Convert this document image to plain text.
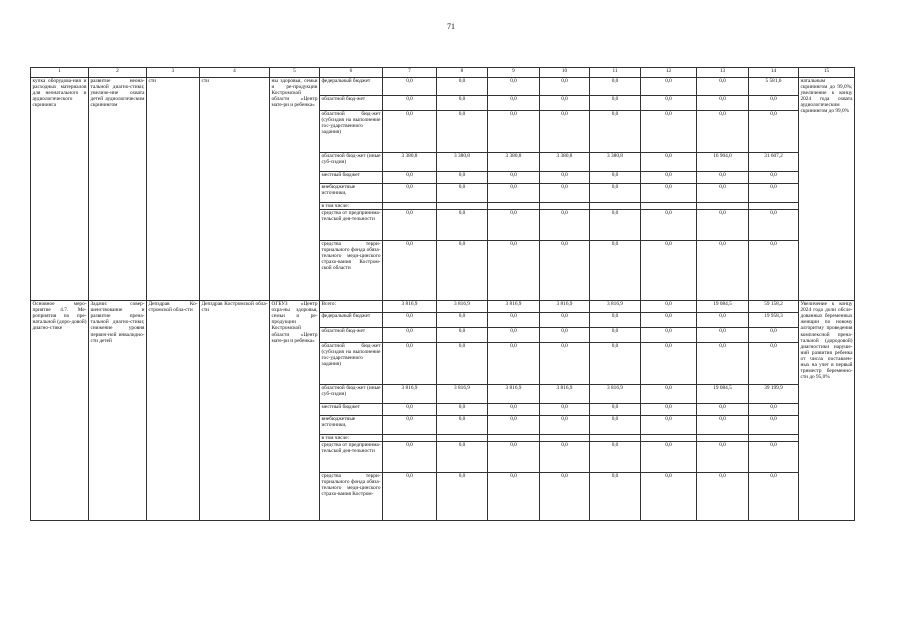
71
1	2	3	4	5	6	7	8	9	10	11	12	13	14	15
купка оборудова-ния и расходных материалов для неонатального и аудиологического скрининга	развитие неона-тальной диагно-стики; увеличе-ние охвата детей аудиологическим скринингом	сти	сти	ны здоровья, семьи и ре-продукции Костромской области «Центр мате-ри и ребенка»	федеральный бюджет	0,0	0,0	0,0	0,0	0,0	0,0	0,0	5 581,6	натальным скринингом до 99,0%; увеличение к концу 2024 года охвата аудиологическим скринингом до 99,0%
					областной бюд-жет	0,0	0,0	0,0	0,0	0,0	0,0	0,0	0,0	
					областной бюд-жет (субсидия на выполнение гос-ударственного задания)	0,0	0,0	0,0	0,0	0,0	0,0	0,0	0,0	
					областной бюд-жет (иные суб-сидии)	3 380,8	3 380,8	3 380,8	3 380,8	3 380,8	0,0	16 904,0	31 607,2	
					местный бюджет	0,0	0,0	0,0	0,0	0,0	0,0	0,0	0,0	
					внебюджетные источники,	0,0	0,0	0,0	0,0	0,0	0,0	0,0	0,0	
					в том числе:									
					средства от предприннма-тельской дея-тельности	0,0	0,0	0,0	0,0	0,0	0,0	0,0	0,0	
					средства терри-ториального фонда обяза-тельного меди-цинского страхо-вания Костром-ской области	0,0	0,0	0,0	0,0	0,0	0,0	0,0	0,0	
Основное меро-приятие 4.7. Ме-роприятия по пре-натальной (доро-довой) диагно-стике	Задачи: совер-шенствование и развитие прена-тальной диагно-стики; снижение уровня первич-ной инвалидно-сти детей	Депздрав Ко-стромской обла-сти	Депздрав Костромской обла-сти	ОГБУЗ «Центр охра-ны здоровья, семьи и ре-продукции Костромской области «Центр мате-ри и ребенка»	Всего:	3 816,9	3 816,9	3 816,9	3 816,9	3 816,9	0,0	19 084,5	59 158,2	Увеличение к концу 2024 года доли обсле-дованных беременных женщин по новому алгоритму проведения комплексной прена-тальной (дородовой) диагностики наруше-ний развития ребенка от числа поставлен-ных на учет в первый триместр беременно-сти до 95,0%
					федеральный бюджет	0,0	0,0	0,0	0,0	0,0	0,0	0,0	19 958,3	
					областной бюд-жет	0,0	0,0	0,0	0,0	0,0	0,0	0,0	0,0	
					областной бюд-жет (субсидия на выполнение гос-ударственного задания)	0,0	0,0	0,0	0,0	0,0	0,0	0,0	0,0	
					областной бюд-жет (иные суб-сидии)	3 816,9	3 816,9	3 816,9	3 816,9	3 816,9	0,0	19 084,5	39 199,9	
					местный бюджет	0,0	0,0	0,0	0,0	0,0	0,0	0,0	0,0	
					внебюджетные источники,	0,0	0,0	0,0	0,0	0,0	0,0	0,0	0,0	
					в том числе:									
					средства от предприннма-тельской дея-тельности	0,0	0,0	0,0	0,0	0,0	0,0	0,0	0,0	
					средства терри-ториального фонда обяза-тельного меди-цинского страхо-вания Костром-	0,0	0,0	0,0	0,0	0,0	0,0	0,0	0,0	
